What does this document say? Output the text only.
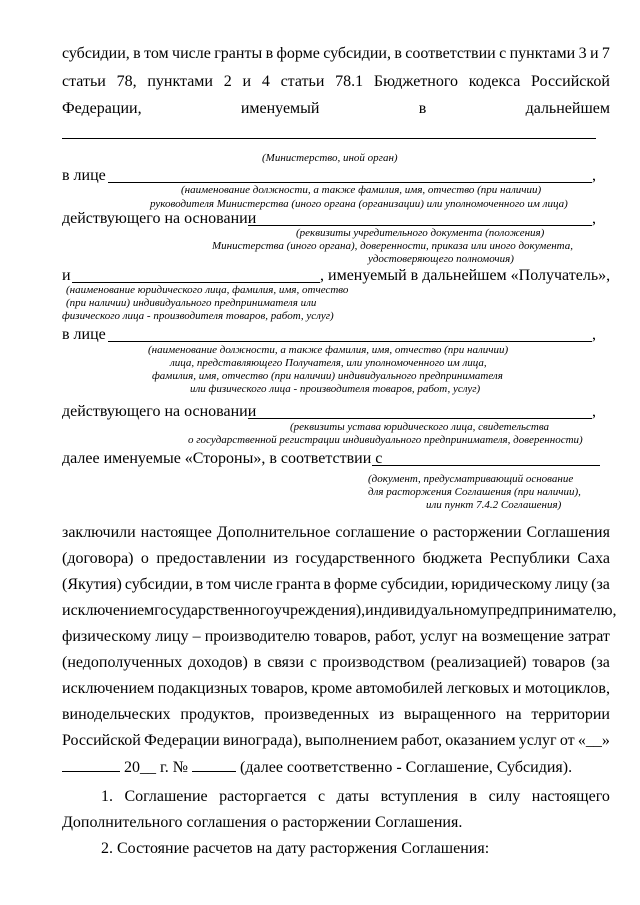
субсидии, в том числе гранты в форме субсидии, в соответствии с пунктами 3 и 7
статьи 78, пунктами 2 и 4 статьи 78.1 Бюджетного кодекса Российской
Федерации,	именуемый	в	дальнейшем
(Министерство, иной орган)
в лице	,
(наименование должности, а также фамилия, имя, отчество (при наличии)
руководителя Министерства (иного органа (организации) или уполномоченного им лица)
действующего на основании	,
(реквизиты учредительного документа (положения)
Министерства (иного органа), доверенности, приказа или иного документа,
удостоверяющего полномочия)
и	, именуемый в дальнейшем «Получатель»,
(наименование юридического лица, фамилия, имя, отчество
(при наличии) индивидуального предпринимателя или
физического лица - производителя товаров, работ, услуг)
в лице	,
(наименование должности, а также фамилия, имя, отчество (при наличии)
лица, представляющего Получателя, или уполномоченного им лица,
фамилия, имя, отчество (при наличии) индивидуального предпринимателя
или физического лица - производителя товаров, работ, услуг)
действующего на основании	,
(реквизиты устава юридического лица, свидетельства
о государственной регистрации индивидуального предпринимателя, доверенности)
далее именуемые «Стороны», в соответствии с
(документ, предусматривающий основание
для расторжения Соглашения (при наличии),
или пункт 7.4.2 Соглашения)
заключили настоящее Дополнительное соглашение о расторжении Соглашения
(договора) о предоставлении из государственного бюджета Республики Саха
(Якутия) субсидии, в том числе гранта в форме субсидии, юридическому лицу (за
исключением государственного учреждения), индивидуальному предпринимателю,
физическому лицу – производителю товаров, работ, услуг на возмещение затрат
(недополученных доходов) в связи с производством (реализацией) товаров (за
исключением подакцизных товаров, кроме автомобилей легковых и мотоциклов,
винодельческих продуктов, произведенных из выращенного на территории
Российской Федерации винограда), выполнением работ, оказанием услуг от «__»
20__ г. №	(далее соответственно - Соглашение, Субсидия).
1. Соглашение расторгается с даты вступления в силу настоящего
Дополнительного соглашения о расторжении Соглашения.
2. Состояние расчетов на дату расторжения Соглашения:
